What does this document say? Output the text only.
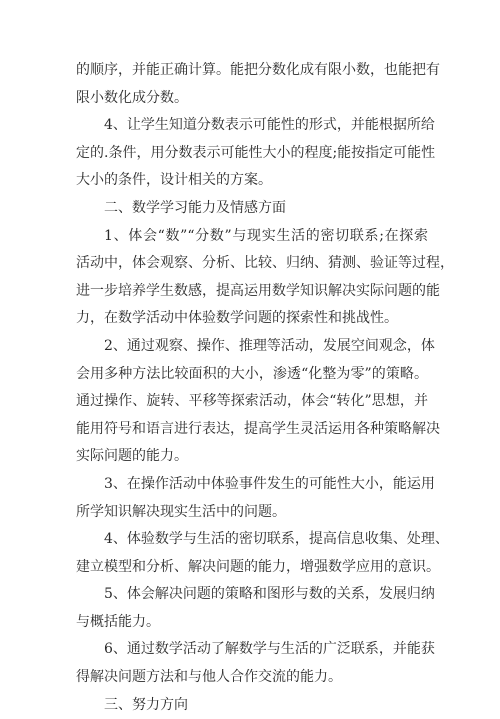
的顺序，并能正确计算。能把分数化成有限小数，也能把有
限小数化成分数。
4、让学生知道分数表示可能性的形式，并能根据所给
定的.条件，用分数表示可能性大小的程度;能按指定可能性
大小的条件，设计相关的方案。
二、数学学习能力及情感方面
1、体会“数”“分数”与现实生活的密切联系;在探索
活动中，体会观察、分析、比较、归纳、猜测、验证等过程，
进一步培养学生数感，提高运用数学知识解决实际问题的能
力，在数学活动中体验数学问题的探索性和挑战性。
2、通过观察、操作、推理等活动，发展空间观念，体
会用多种方法比较面积的大小，渗透“化整为零”的策略。
通过操作、旋转、平移等探索活动，体会“转化”思想，并
能用符号和语言进行表达，提高学生灵活运用各种策略解决
实际问题的能力。
3、在操作活动中体验事件发生的可能性大小，能运用
所学知识解决现实生活中的问题。
4、体验数学与生活的密切联系，提高信息收集、处理、
建立模型和分析、解决问题的能力，增强数学应用的意识。
5、体会解决问题的策略和图形与数的关系，发展归纳
与概括能力。
6、通过数学活动了解数学与生活的广泛联系，并能获
得解决问题方法和与他人合作交流的能力。
三、努力方向
